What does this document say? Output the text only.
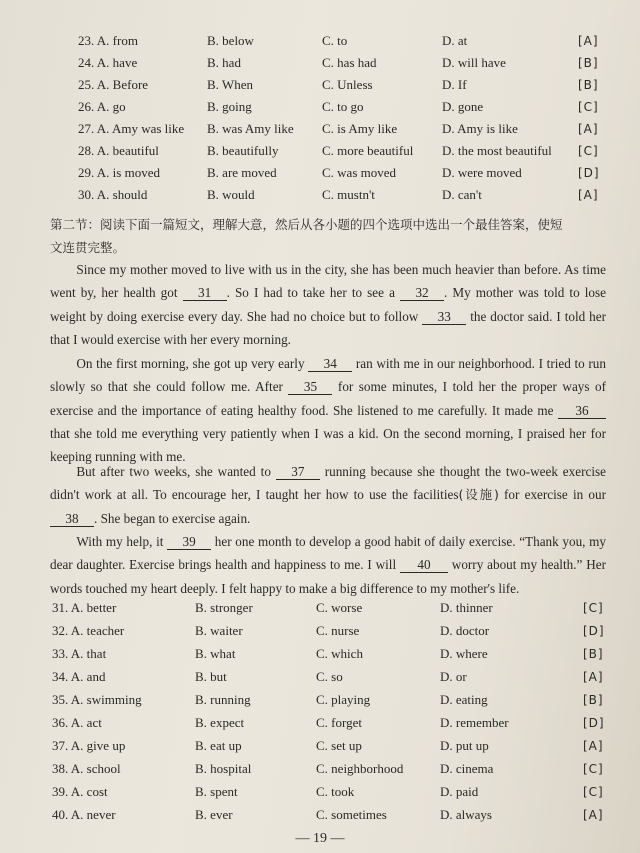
23. A. from	B. below	C. to	D. at	[A]
24. A. have	B. had	C. has had	D. will have	[B]
25. A. Before	B. When	C. Unless	D. If	[B]
26. A. go	B. going	C. to go	D. gone	[C]
27. A. Amy was like B. was Amy like C. is Amy like	D. Amy is like	[A]
28. A. beautiful	B. beautifully	C. more beautiful D. the most beautiful [C]
29. A. is moved	B. are moved	C. was moved	D. were moved	[D]
30. A. should	B. would	C. mustn't	D. can't	[A]
第二节：阅读下面一篇短文，理解大意，然后从各小题的四个选项中选出一个最佳答案，使短
文连贯完整。
Since my mother moved to live with us in the city, she has been much heavier than before. As time went by, her health got 31 . So I had to take her to see a 32 . My mother was told to lose weight by doing exercise every day. She had no choice but to follow 33 the doctor said. I told her that I would exercise with her every morning.
On the first morning, she got up very early 34 ran with me in our neighborhood. I tried to run slowly so that she could follow me. After 35 for some minutes, I told her the proper ways of exercise and the importance of eating healthy food. She listened to me carefully. It made me 36 that she told me everything very patiently when I was a kid. On the second morning, I praised her for keeping running with me.
But after two weeks, she wanted to 37 running because she thought the two-week exercise didn't work at all. To encourage her, I taught her how to use the facilities(设施) for exercise in our 38 . She began to exercise again.
With my help, it 39 her one month to develop a good habit of daily exercise. “Thank you, my dear daughter. Exercise brings health and happiness to me. I will 40 worry about my health.” Her words touched my heart deeply. I felt happy to make a big difference to my mother's life.
31. A. better	B. stronger	C. worse	D. thinner	[C]
32. A. teacher	B. waiter	C. nurse	D. doctor	[D]
33. A. that	B. what	C. which	D. where	[B]
34. A. and	B. but	C. so	D. or	[A]
35. A. swimming	B. running	C. playing	D. eating	[B]
36. A. act	B. expect	C. forget	D. remember	[D]
37. A. give up	B. eat up	C. set up	D. put up	[A]
38. A. school	B. hospital	C. neighborhood	D. cinema	[C]
39. A. cost	B. spent	C. took	D. paid	[C]
40. A. never	B. ever	C. sometimes	D. always	[A]
— 19 —
